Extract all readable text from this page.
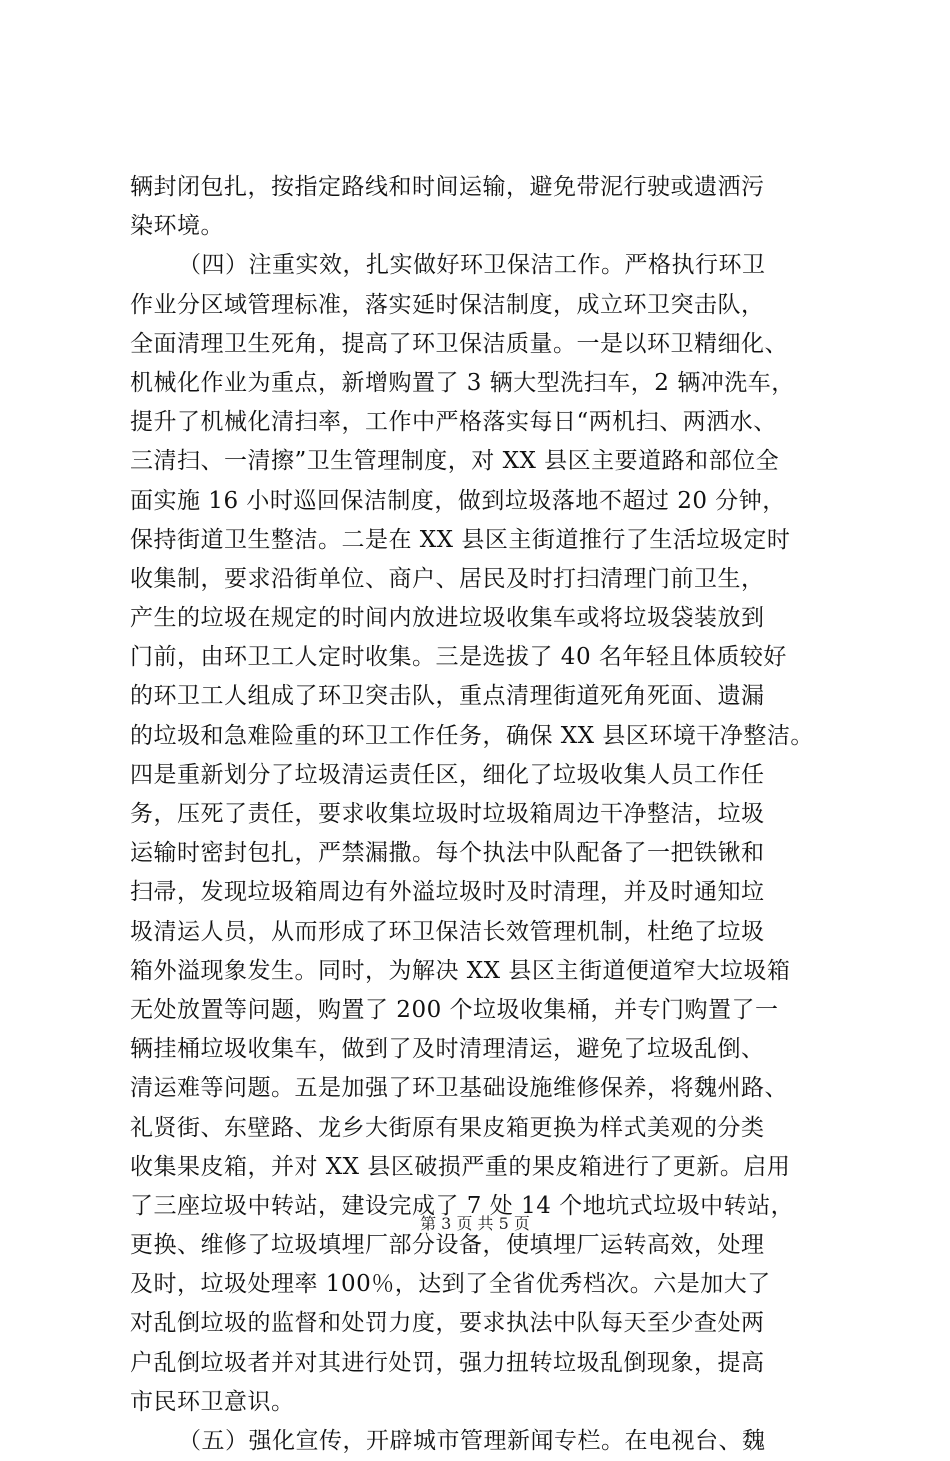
辆封闭包扎，按指定路线和时间运输，避免带泥行驶或遗洒污
染环境。
（四）注重实效，扎实做好环卫保洁工作。严格执行环卫
作业分区域管理标准，落实延时保洁制度，成立环卫突击队，
全面清理卫生死角，提高了环卫保洁质量。一是以环卫精细化、
机械化作业为重点，新增购置了 3 辆大型洗扫车，2 辆冲洗车，
提升了机械化清扫率，工作中严格落实每日“两机扫、两洒水、
三清扫、一清擦”卫生管理制度，对 XX 县区主要道路和部位全
面实施 16 小时巡回保洁制度，做到垃圾落地不超过 20 分钟，
保持街道卫生整洁。二是在 XX 县区主街道推行了生活垃圾定时
收集制，要求沿街单位、商户、居民及时打扫清理门前卫生，
产生的垃圾在规定的时间内放进垃圾收集车或将垃圾袋装放到
门前，由环卫工人定时收集。三是选拔了 40 名年轻且体质较好
的环卫工人组成了环卫突击队，重点清理街道死角死面、遗漏
的垃圾和急难险重的环卫工作任务，确保 XX 县区环境干净整洁。
四是重新划分了垃圾清运责任区，细化了垃圾收集人员工作任
务，压死了责任，要求收集垃圾时垃圾箱周边干净整洁，垃圾
运输时密封包扎，严禁漏撒。每个执法中队配备了一把铁锹和
扫帚，发现垃圾箱周边有外溢垃圾时及时清理，并及时通知垃
圾清运人员，从而形成了环卫保洁长效管理机制，杜绝了垃圾
箱外溢现象发生。同时，为解决 XX 县区主街道便道窄大垃圾箱
无处放置等问题，购置了 200 个垃圾收集桶，并专门购置了一
辆挂桶垃圾收集车，做到了及时清理清运，避免了垃圾乱倒、
清运难等问题。五是加强了环卫基础设施维修保养，将魏州路、
礼贤街、东壁路、龙乡大街原有果皮箱更换为样式美观的分类
收集果皮箱，并对 XX 县区破损严重的果皮箱进行了更新。启用
了三座垃圾中转站，建设完成了 7 处 14 个地坑式垃圾中转站，
更换、维修了垃圾填埋厂部分设备，使填埋厂运转高效，处理
及时，垃圾处理率 100％，达到了全省优秀档次。六是加大了
对乱倒垃圾的监督和处罚力度，要求执法中队每天至少查处两
户乱倒垃圾者并对其进行处罚，强力扭转垃圾乱倒现象，提高
市民环卫意识。
（五）强化宣传，开辟城市管理新闻专栏。在电视台、魏
第 3 页 共 5 页
